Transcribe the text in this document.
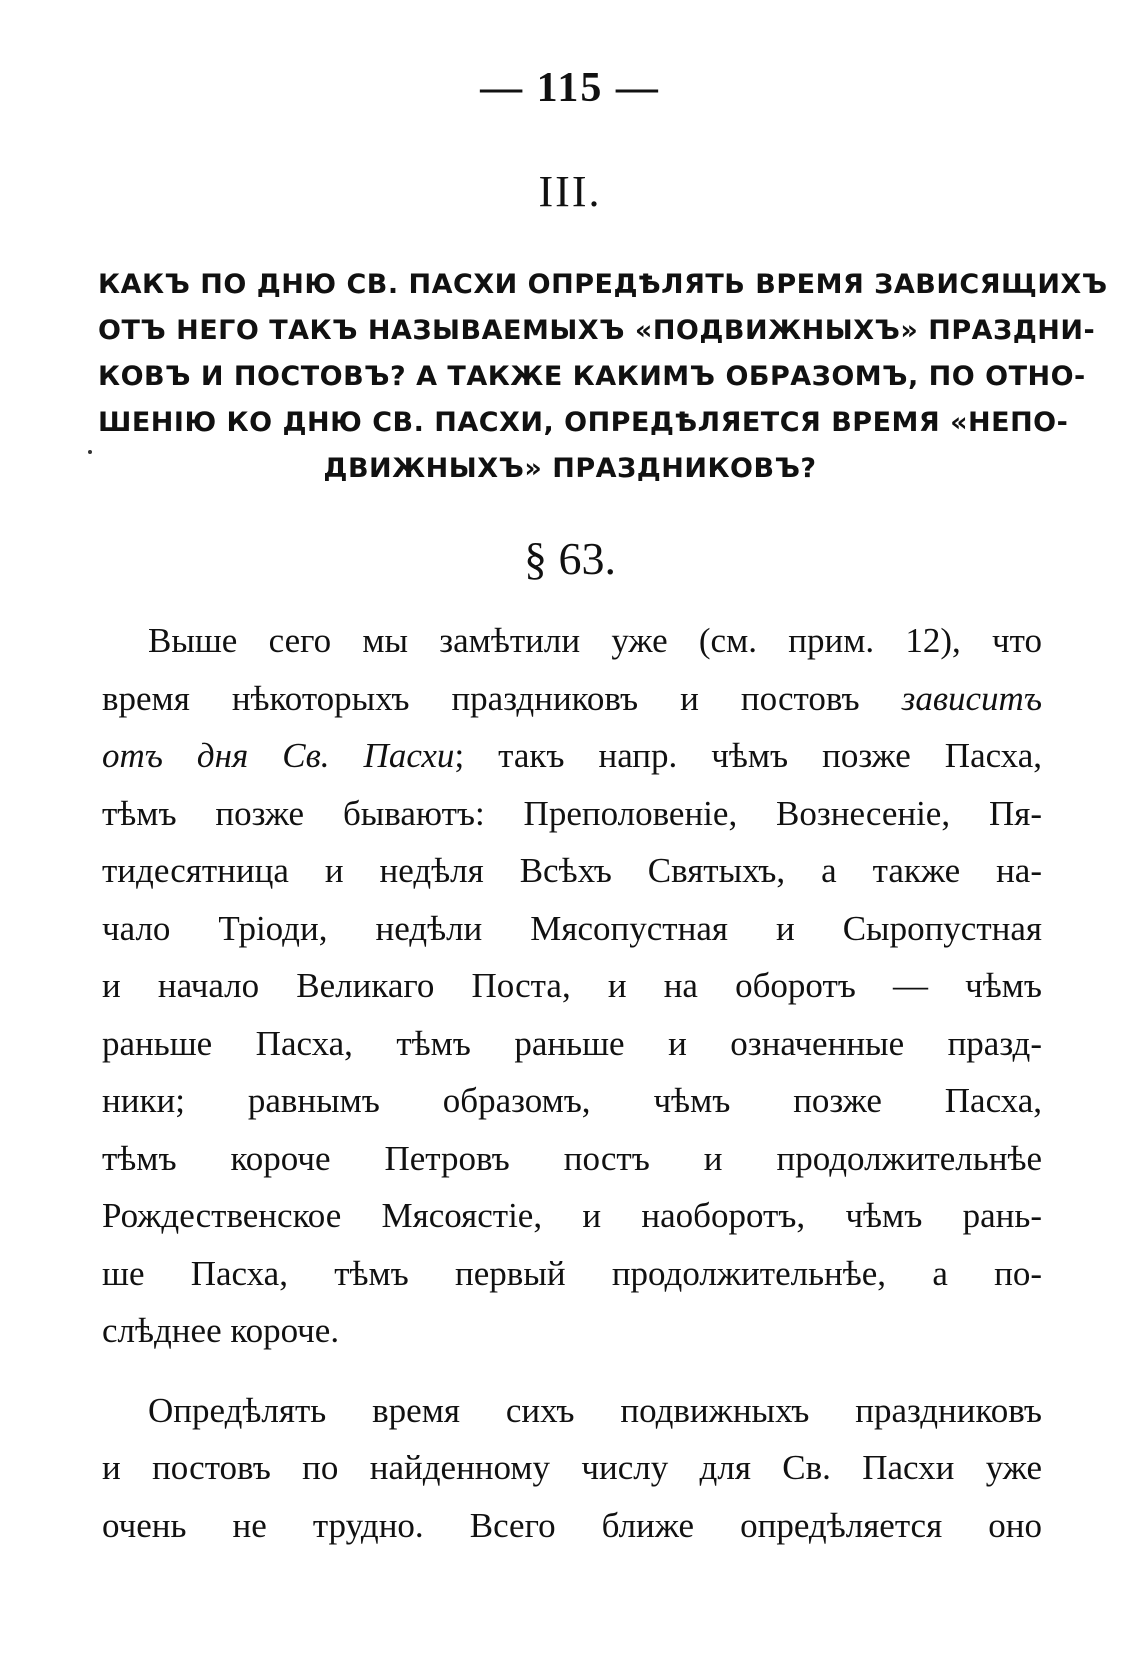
— 115 —
III.
КАКЪ ПО ДНЮ СВ. ПАСХИ ОПРЕДѢЛЯТЬ ВРЕМЯ ЗАВИСЯЩИХЪ
ОТЪ НЕГО ТАКЪ НАЗЫВАЕМЫХЪ «ПОДВИЖНЫХЪ» ПРАЗДНИ-
КОВЪ И ПОСТОВЪ? А ТАКЖЕ КАКИМЪ ОБРАЗОМЪ, ПО ОТНО-
ШЕНІЮ КО ДНЮ СВ. ПАСХИ, ОПРЕДѢЛЯЕТСЯ ВРЕМЯ «НЕПО-
ДВИЖНЫХЪ» ПРАЗДНИКОВЪ?
§ 63.
Выше сего мы замѣтили уже (см. прим. 12), что
время нѣкоторыхъ праздниковъ и постовъ зависитъ
отъ дня Св. Пасхи; такъ напр. чѣмъ позже Пасха,
тѣмъ позже бываютъ: Преполовеніе, Вознесеніе, Пя-
тидесятница и недѣля Всѣхъ Святыхъ, а также на-
чало Тріоди, недѣли Мясопустная и Сыропустная
и начало Великаго Поста, и на оборотъ — чѣмъ
раньше Пасха, тѣмъ раньше и означенные празд-
ники; равнымъ образомъ, чѣмъ позже Пасха,
тѣмъ короче Петровъ постъ и продолжительнѣе
Рождественское Мясоястіе, и наоборотъ, чѣмъ рань-
ше Пасха, тѣмъ первый продолжительнѣе, а по-
слѣднее короче.
Опредѣлять время сихъ подвижныхъ праздниковъ
и постовъ по найденному числу для Св. Пасхи уже
очень не трудно. Всего ближе опредѣляется оно
